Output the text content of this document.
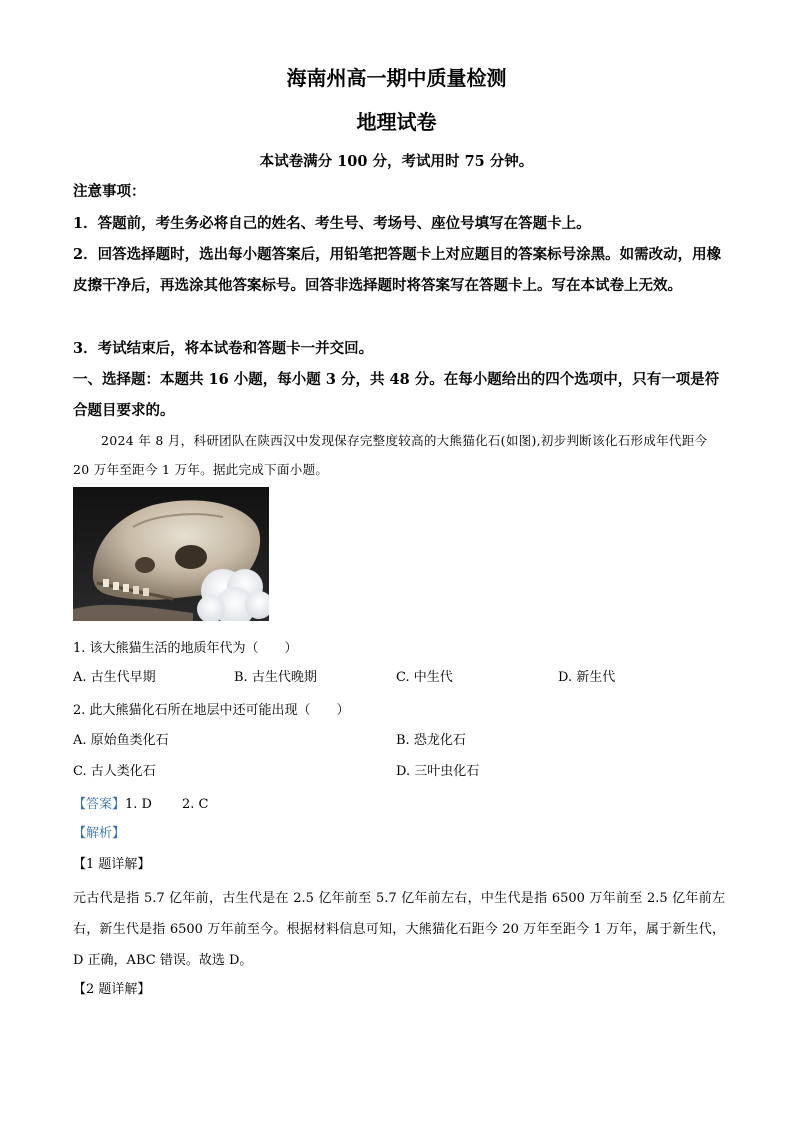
海南州高一期中质量检测
地理试卷
本试卷满分 100 分，考试用时 75 分钟。
注意事项：
1．答题前，考生务必将自己的姓名、考生号、考场号、座位号填写在答题卡上。
2．回答选择题时，选出每小题答案后，用铅笔把答题卡上对应题目的答案标号涂黑。如需改动，用橡皮擦干净后，再选涂其他答案标号。回答非选择题时将答案写在答题卡上。写在本试卷上无效。
3．考试结束后，将本试卷和答题卡一并交回。
一、选择题：本题共 16 小题，每小题 3 分，共 48 分。在每小题给出的四个选项中，只有一项是符合题目要求的。
2024 年 8 月，科研团队在陕西汉中发现保存完整度较高的大熊猫化石(如图),初步判断该化石形成年代距今 20 万年至距今 1 万年。据此完成下面小题。
1. 该大熊猫生活的地质年代为（　　）
A. 古生代早期	B. 古生代晚期	C. 中生代	D. 新生代
2. 此大熊猫化石所在地层中还可能出现（　　）
A. 原始鱼类化石	B. 恐龙化石
C. 古人类化石	D. 三叶虫化石
【答案】1. D 2. C
【解析】
【1 题详解】
元古代是指 5.7 亿年前，古生代是在 2.5 亿年前至 5.7 亿年前左右，中生代是指 6500 万年前至 2.5 亿年前左右，新生代是指 6500 万年前至今。根据材料信息可知，大熊猫化石距今 20 万年至距今 1 万年，属于新生代，D 正确，ABC 错误。故选 D。
【2 题详解】
